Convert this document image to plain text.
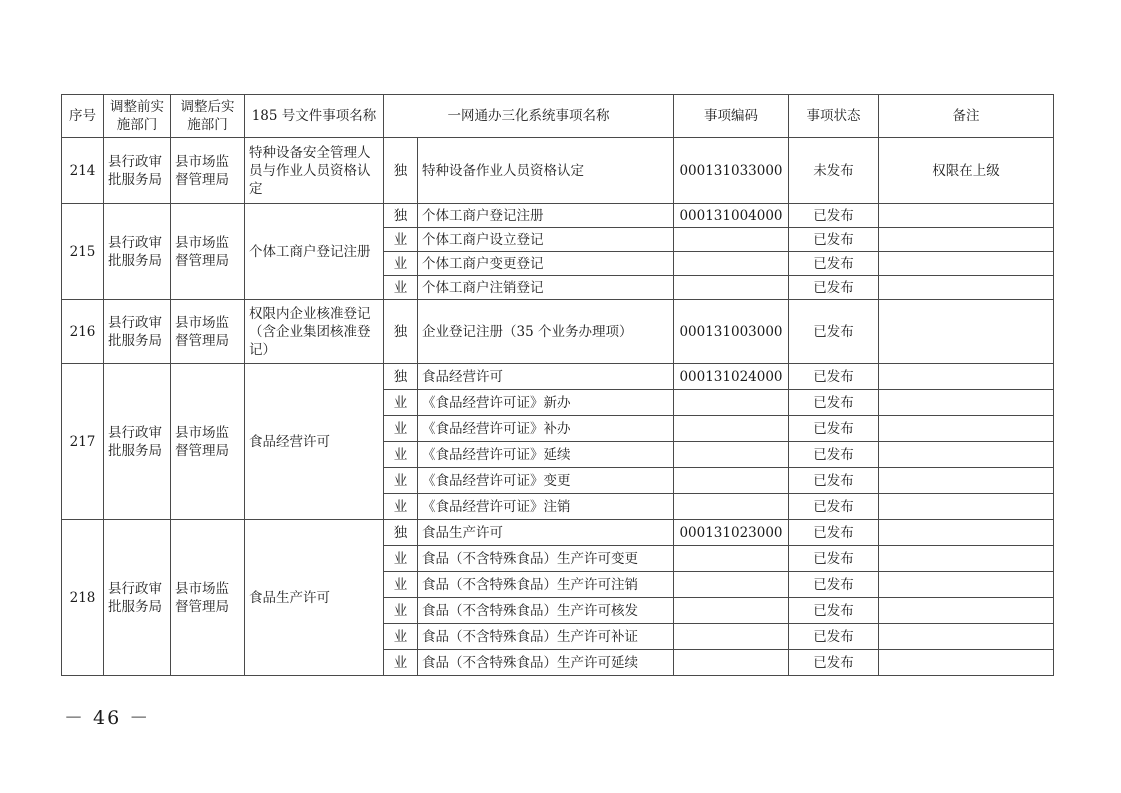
序号	调整前实施部门	调整后实施部门	185 号文件事项名称	一网通办三化系统事项名称		事项编码	事项状态	备注
214	县行政审批服务局	县市场监督管理局	特种设备安全管理人员与作业人员资格认定	独	特种设备作业人员资格认定	000131033000	未发布	权限在上级
215	县行政审批服务局	县市场监督管理局	个体工商户登记注册	独	个体工商户登记注册	000131004000	已发布	
				业	个体工商户设立登记		已发布	
				业	个体工商户变更登记		已发布	
				业	个体工商户注销登记		已发布	
216	县行政审批服务局	县市场监督管理局	权限内企业核准登记（含企业集团核准登记）	独	企业登记注册（35 个业务办理项）	000131003000	已发布	
217	县行政审批服务局	县市场监督管理局	食品经营许可	独	食品经营许可	000131024000	已发布	
				业	《食品经营许可证》新办		已发布	
				业	《食品经营许可证》补办		已发布	
				业	《食品经营许可证》延续		已发布	
				业	《食品经营许可证》变更		已发布	
				业	《食品经营许可证》注销		已发布	
218	县行政审批服务局	县市场监督管理局	食品生产许可	独	食品生产许可	000131023000	已发布	
				业	食品（不含特殊食品）生产许可变更		已发布	
				业	食品（不含特殊食品）生产许可注销		已发布	
				业	食品（不含特殊食品）生产许可核发		已发布	
				业	食品（不含特殊食品）生产许可补证		已发布	
				业	食品（不含特殊食品）生产许可延续		已发布	
－ 46 －
